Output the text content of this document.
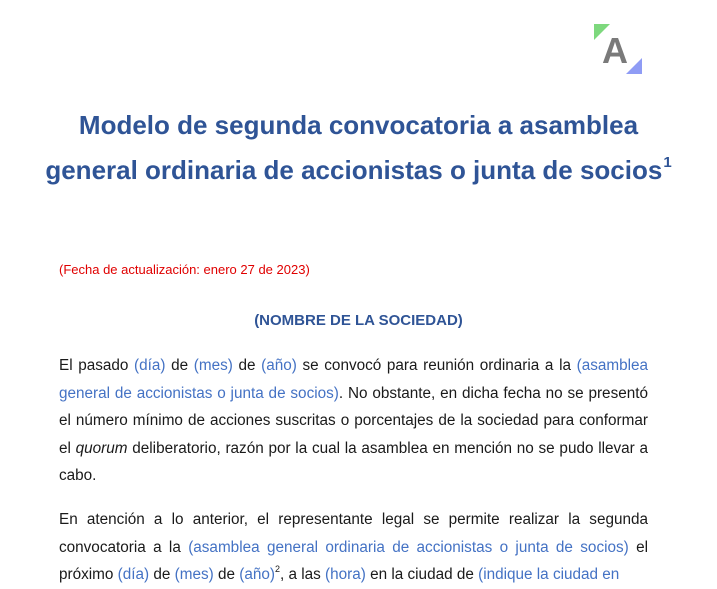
A
Modelo de segunda convocatoria a asamblea general ordinaria de accionistas o junta de socios$^1$

(Fecha de actualización: enero 27 de 2023)

(NOMBRE DE LA SOCIEDAD)

El pasado (día) de (mes) de (año) se convocó para reunión ordinaria a la (asamblea general de accionistas o junta de socios). No obstante, en dicha fecha no se presentó el número mínimo de acciones suscritas o porcentajes de la sociedad para conformar el quorum deliberatorio, razón por la cual la asamblea en mención no se pudo llevar a cabo.

En atención a lo anterior, el representante legal se permite realizar la segunda convocatoria a la (asamblea general ordinaria de accionistas o junta de socios) el próximo (día) de (mes) de (año)$^2$, a las (hora) en la ciudad de (indique la ciudad en
